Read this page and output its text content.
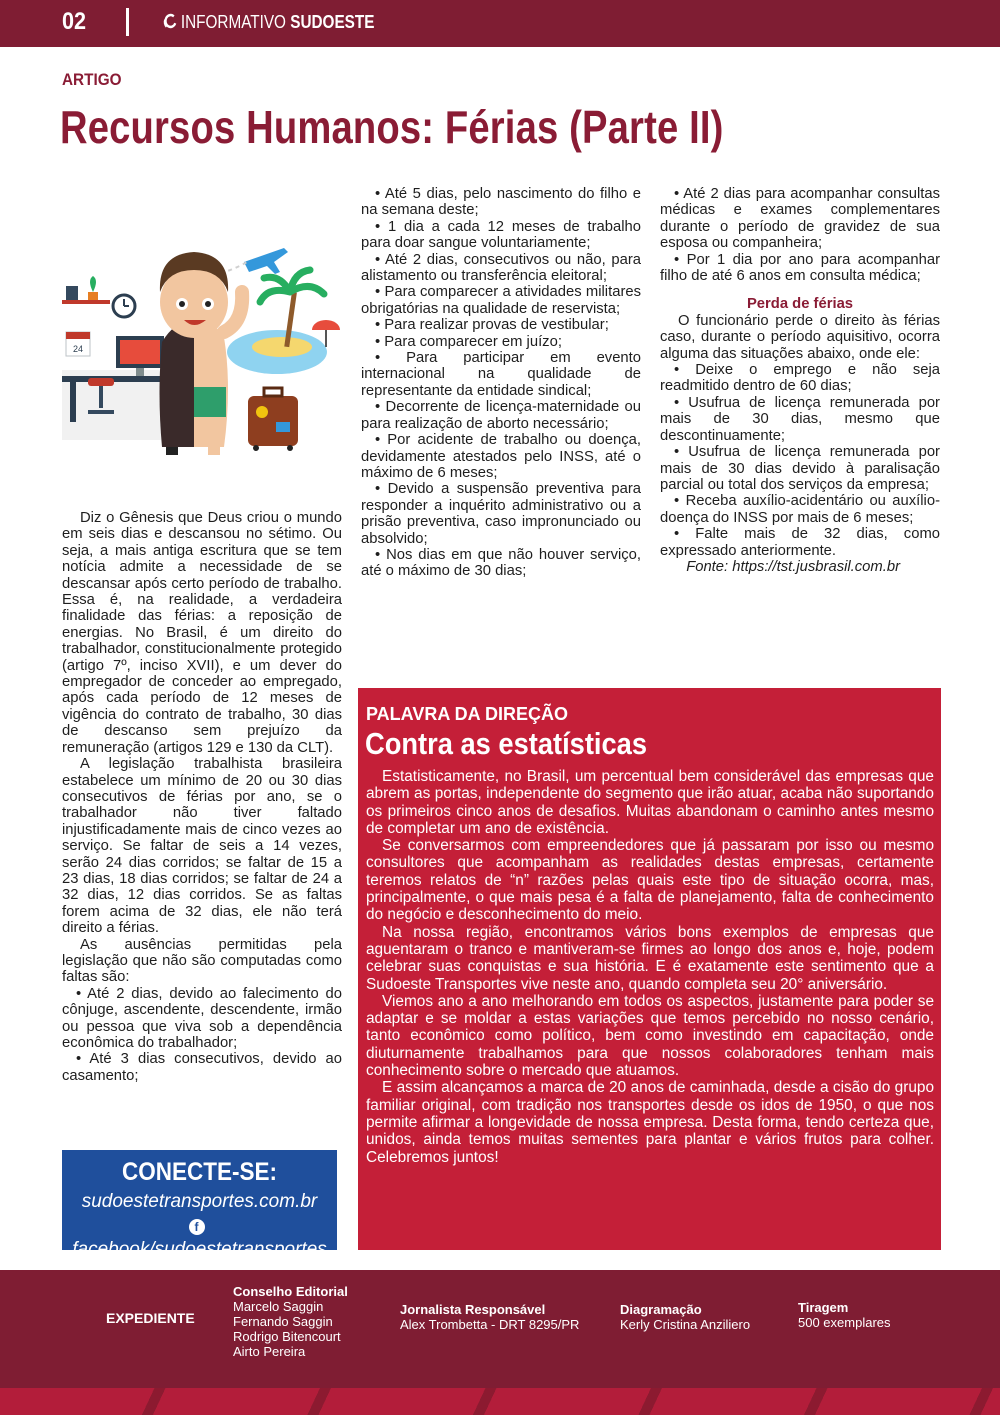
02	INFORMATIVO SUDOESTE
ARTIGO
Recursos Humanos: Férias (Parte II)
24

Diz o Gênesis que Deus criou o mundo em seis dias e descansou no sétimo. Ou seja, a mais antiga escritura que se tem notícia admite a necessidade de se descansar após certo período de trabalho. Essa é, na realidade, a verdadeira finalidade das férias: a reposição de energias. No Brasil, é um direito do trabalhador, constitucionalmente protegido (artigo 7º, inciso XVII), e um dever do empregador de conceder ao empregado, após cada período de 12 meses de vigência do contrato de trabalho, 30 dias de descanso sem prejuízo da remuneração (artigos 129 e 130 da CLT).

A legislação trabalhista brasileira estabelece um mínimo de 20 ou 30 dias consecutivos de férias por ano, se o trabalhador não tiver faltado injustificadamente mais de cinco vezes ao serviço. Se faltar de seis a 14 vezes, serão 24 dias corridos; se faltar de 15 a 23 dias, 18 dias corridos; se faltar de 24 a 32 dias, 12 dias corridos. Se as faltas forem acima de 32 dias, ele não terá direito a férias.

As ausências permitidas pela legislação que não são computadas como faltas são:

• Até 2 dias, devido ao falecimento do cônjuge, ascendente, descendente, irmão ou pessoa que viva sob a dependência econômica do trabalhador;

• Até 3 dias consecutivos, devido ao casamento;

• Até 5 dias, pelo nascimento do filho e na semana deste;

• 1 dia a cada 12 meses de trabalho para doar sangue voluntariamente;

• Até 2 dias, consecutivos ou não, para alistamento ou transferência eleitoral;

• Para comparecer a atividades militares obrigatórias na qualidade de reservista;

• Para realizar provas de vestibular;

• Para comparecer em juízo;

• Para participar em evento internacional na qualidade de representante da entidade sindical;

• Decorrente de licença-maternidade ou para realização de aborto necessário;

• Por acidente de trabalho ou doença, devidamente atestados pelo INSS, até o máximo de 6 meses;

• Devido a suspensão preventiva para responder a inquérito administrativo ou a prisão preventiva, caso impronunciado ou absolvido;

• Nos dias em que não houver serviço, até o máximo de 30 dias;

• Até 2 dias para acompanhar consultas médicas e exames complementares durante o período de gravidez de sua esposa ou companheira;

• Por 1 dia por ano para acompanhar filho de até 6 anos em consulta médica;

Perda de férias

O funcionário perde o direito às férias caso, durante o período aquisitivo, ocorra alguma das situações abaixo, onde ele:

• Deixe o emprego e não seja readmitido dentro de 60 dias;

• Usufrua de licença remunerada por mais de 30 dias, mesmo que descontinuamente;

• Usufrua de licença remunerada por mais de 30 dias devido à paralisação parcial ou total dos serviços da empresa;

• Receba auxílio-acidentário ou auxílio-doença do INSS por mais de 6 meses;

• Falte mais de 32 dias, como expressado anteriormente.

Fonte: https://tst.jusbrasil.com.br

CONECTE-SE:
sudoestetransportes.com.br
ffacebook/sudoestetransportes
PALAVRA DA DIREÇÃO
Contra as estatísticas

Estatisticamente, no Brasil, um percentual bem considerável das empresas que abrem as portas, independente do segmento que irão atuar, acaba não suportando os primeiros cinco anos de desafios. Muitas abandonam o caminho antes mesmo de completar um ano de existência.

Se conversarmos com empreendedores que já passaram por isso ou mesmo consultores que acompanham as realidades destas empresas, certamente teremos relatos de “n” razões pelas quais este tipo de situação ocorra, mas, principalmente, o que mais pesa é a falta de planejamento, falta de conhecimento do negócio e desconhecimento do meio.

Na nossa região, encontramos vários bons exemplos de empresas que aguentaram o tranco e mantiveram-se firmes ao longo dos anos e, hoje, podem celebrar suas conquistas e sua história. E é exatamente este sentimento que a Sudoeste Transportes vive neste ano, quando completa seu 20° aniversário.

Viemos ano a ano melhorando em todos os aspectos, justamente para poder se adaptar e se moldar a estas variações que temos percebido no nosso cenário, tanto econômico como político, bem como investindo em capacitação, onde diuturnamente trabalhamos para que nossos colaboradores tenham mais conhecimento sobre o mercado que atuamos.

E assim alcançamos a marca de 20 anos de caminhada, desde a cisão do grupo familiar original, com tradição nos transportes desde os idos de 1950, o que nos permite afirmar a longevidade de nossa empresa. Desta forma, tendo certeza que, unidos, ainda temos muitas sementes para plantar e vários frutos para colher. Celebremos juntos!

EXPEDIENTE
Conselho Editorial
Marcelo Saggin
Fernando Saggin
Rodrigo Bitencourt
Airto Pereira
Jornalista Responsável
Alex Trombetta - DRT 8295/PR
Diagramação
Kerly Cristina Anziliero
Tiragem
500 exemplares
